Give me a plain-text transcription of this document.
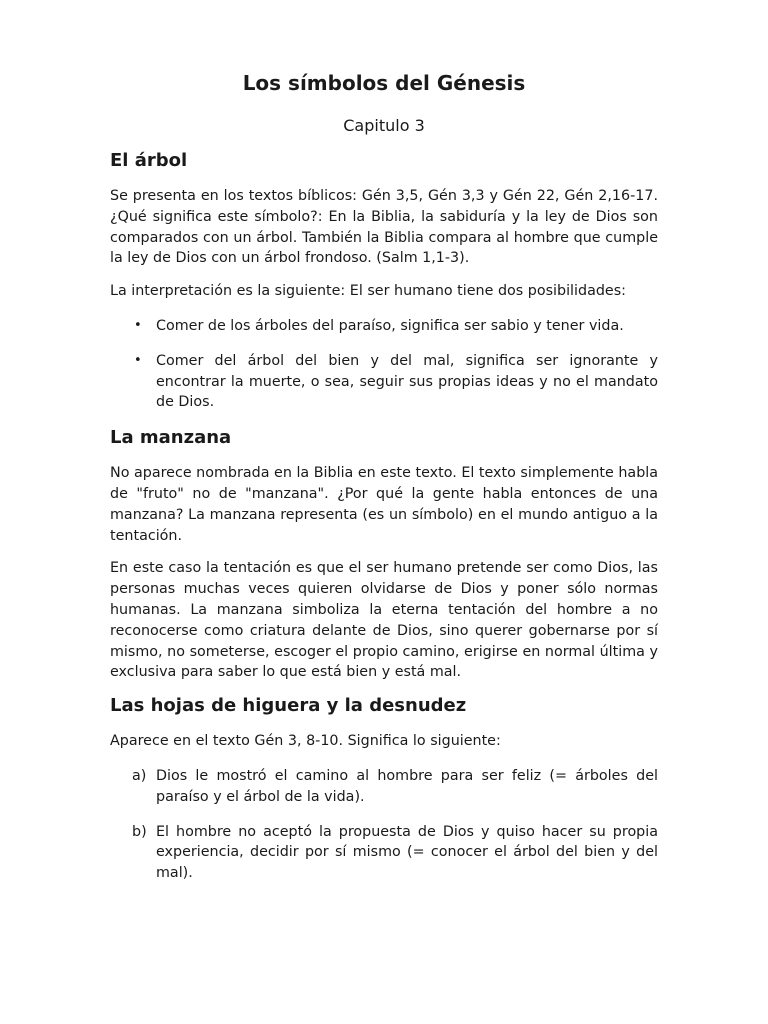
Los símbolos del Génesis
Capitulo 3
El árbol

Se presenta en los textos bíblicos: Gén 3,5, Gén 3,3 y Gén 22, Gén 2,16-17. ¿Qué significa este símbolo?: En la Biblia, la sabiduría y la ley de Dios son comparados con un árbol. También la Biblia compara al hombre que cumple la ley de Dios con un árbol frondoso. (Salm 1,1-3).

La interpretación es la siguiente: El ser humano tiene dos posibilidades:

• Comer de los árboles del paraíso, significa ser sabio y tener vida.
• Comer del árbol del bien y del mal, significa ser ignorante y encontrar la muerte, o sea, seguir sus propias ideas y no el mandato de Dios.
La manzana

No aparece nombrada en la Biblia en este texto. El texto simplemente habla de "fruto" no de "manzana". ¿Por qué la gente habla entonces de una manzana? La manzana representa (es un símbolo) en el mundo antiguo a la tentación.

En este caso la tentación es que el ser humano pretende ser como Dios, las personas muchas veces quieren olvidarse de Dios y poner sólo normas humanas. La manzana simboliza la eterna tentación del hombre a no reconocerse como criatura delante de Dios, sino querer gobernarse por sí mismo, no someterse, escoger el propio camino, erigirse en normal última y exclusiva para saber lo que está bien y está mal.

Las hojas de higuera y la desnudez

Aparece en el texto Gén 3, 8-10. Significa lo siguiente:

a) Dios le mostró el camino al hombre para ser feliz (= árboles del paraíso y el árbol de la vida).
b) El hombre no aceptó la propuesta de Dios y quiso hacer su propia experiencia, decidir por sí mismo (= conocer el árbol del bien y del mal).
